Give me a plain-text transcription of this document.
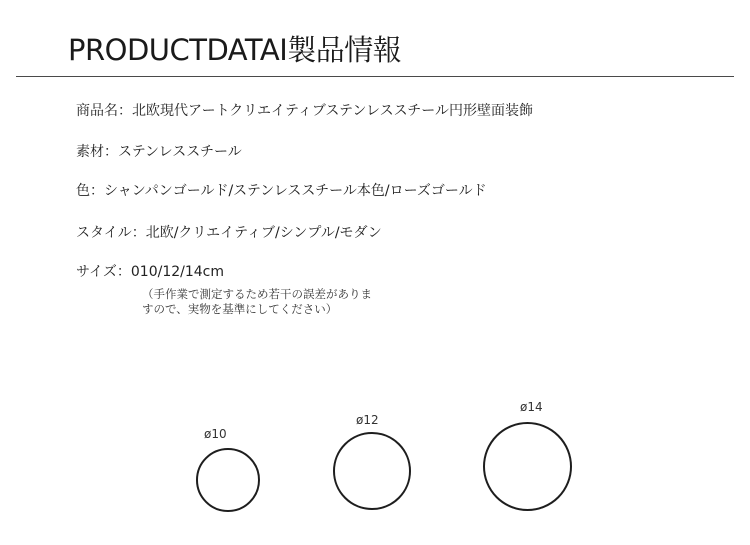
PRODUCTDATAI製品情報
商品名：北欧現代アートクリエイティブステンレススチール円形壁面装飾
素材：ステンレススチール
色：シャンパンゴールド/ステンレススチール本色/ローズゴールド
スタイル：北欧/クリエイティブ/シンプル/モダン
サイズ：010/12/14cm
（手作業で測定するため若干の誤差がありま
すので、実物を基準にしてください）
ø10
ø12
ø14
